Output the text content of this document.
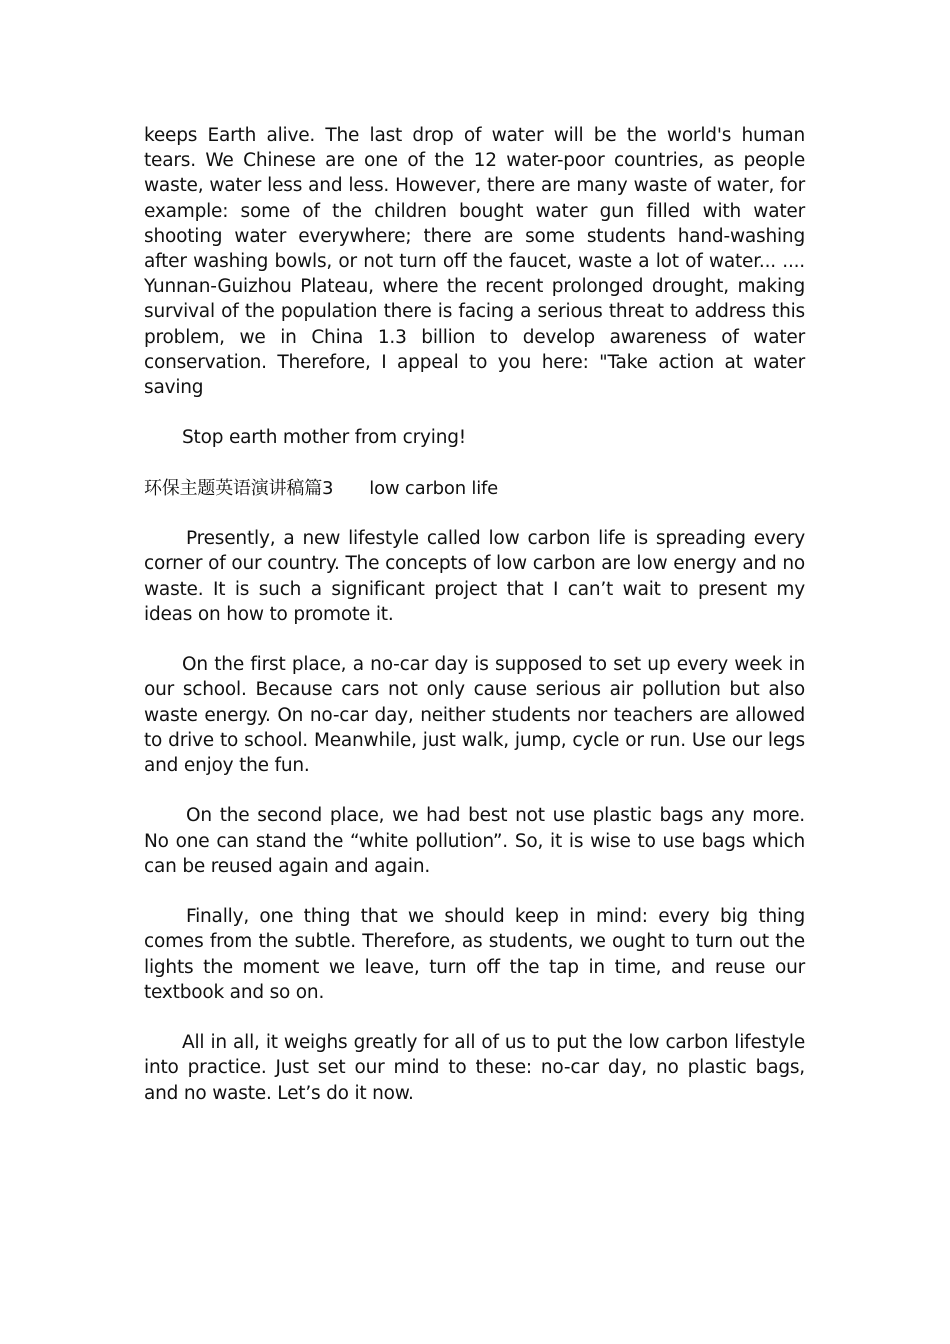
keeps Earth alive. The last drop of water will be the world's human tears. We Chinese are one of the 12 water-poor countries, as people waste, water less and less. However, there are many waste of water, for example: some of the children bought water gun filled with water shooting water everywhere; there are some students hand-washing after washing bowls, or not turn off the faucet, waste a lot of water... .... Yunnan-Guizhou Plateau, where the recent prolonged drought, making survival of the population there is facing a serious threat to address this problem, we in China 1.3 billion to develop awareness of water conservation. Therefore, I appeal to you here: "Take action at water saving

Stop earth mother from crying!

环保主题英语演讲稿篇3 low carbon life

Presently, a new lifestyle called low carbon life is spreading every corner of our country. The concepts of low carbon are low energy and no waste. It is such a significant project that I can’t wait to present my ideas on how to promote it.

On the first place, a no-car day is supposed to set up every week in our school. Because cars not only cause serious air pollution but also waste energy. On no-car day, neither students nor teachers are allowed to drive to school. Meanwhile, just walk, jump, cycle or run. Use our legs and enjoy the fun.

On the second place, we had best not use plastic bags any more. No one can stand the “white pollution”. So, it is wise to use bags which can be reused again and again.

Finally, one thing that we should keep in mind: every big thing comes from the subtle. Therefore, as students, we ought to turn out the lights the moment we leave, turn off the tap in time, and reuse our textbook and so on.

All in all, it weighs greatly for all of us to put the low carbon lifestyle into practice. Just set our mind to these: no-car day, no plastic bags, and no waste. Let’s do it now.
